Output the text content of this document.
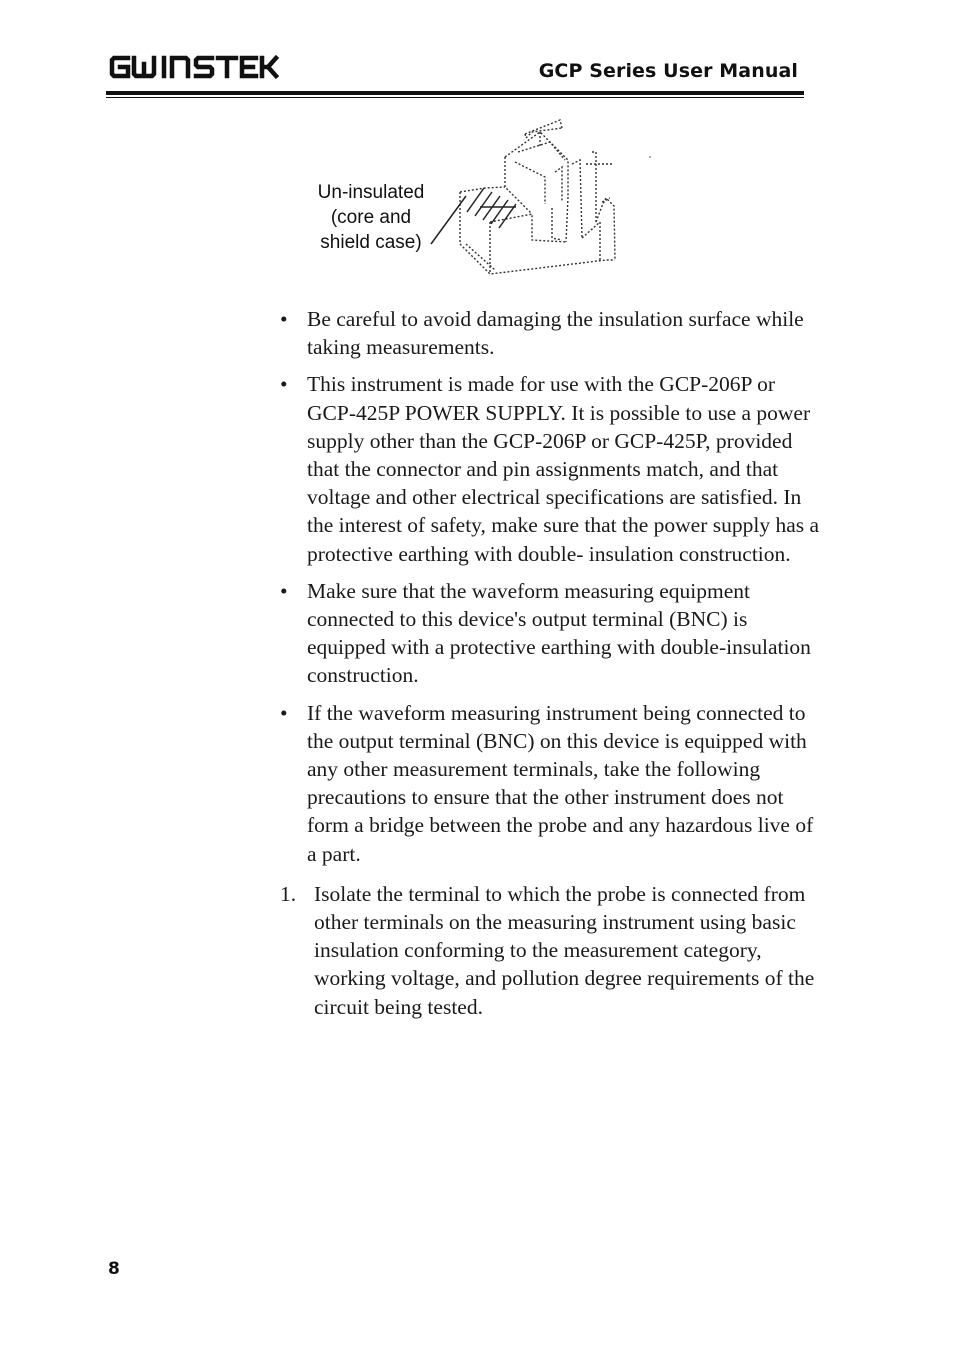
GCP Series User Manual
Un-insulated
(core and
shield case)
• Be careful to avoid damaging the insulation surface while taking measurements.
• This instrument is made for use with the GCP-206P or GCP-425P POWER SUPPLY. It is possible to use a power supply other than the GCP-206P or GCP-425P, provided that the connector and pin assignments match, and that voltage and other electrical specifications are satisfied. In the interest of safety, make sure that the power supply has a protective earthing with double- insulation construction.
• Make sure that the waveform measuring equipment connected to this device's output terminal (BNC) is equipped with a protective earthing with double-insulation construction.
• If the waveform measuring instrument being connected to the output terminal (BNC) on this device is equipped with any other measurement terminals, take the following precautions to ensure that the other instrument does not form a bridge between the probe and any hazardous live of a part.
1. Isolate the terminal to which the probe is connected from other terminals on the measuring instrument using basic insulation conforming to the measurement category, working voltage, and pollution degree requirements of the circuit being tested.
8
